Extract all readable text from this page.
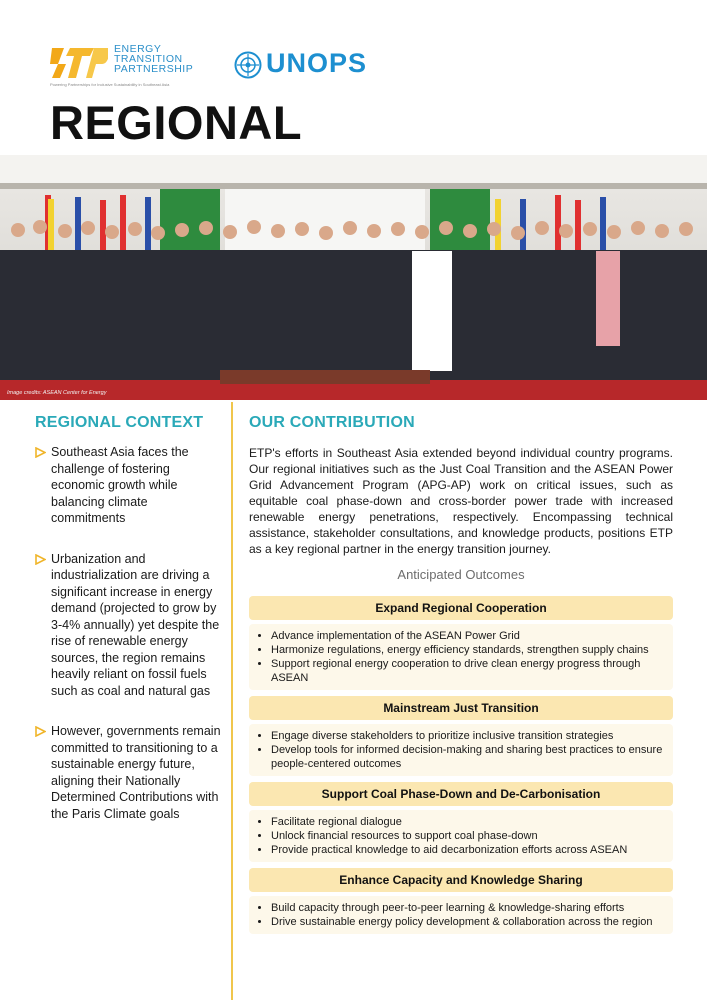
ENERGY
TRANSITION
PARTNERSHIP
Powering Partnerships for Inclusive Sustainability in Southeast Asia
UNOPS
REGIONAL
Image credits: ASEAN Center for Energy
REGIONAL CONTEXT
Southeast Asia faces the challenge of fostering economic growth while balancing climate commitments
Urbanization and industrialization are driving a significant increase in energy demand (projected to grow by 3-4% annually) yet despite the rise of renewable energy sources, the region remains heavily reliant on fossil fuels such as coal and natural gas
However, governments remain committed to transitioning to a sustainable energy future, aligning their Nationally Determined Contributions with the Paris Climate goals
OUR CONTRIBUTION

ETP's efforts in Southeast Asia extended beyond individual country programs. Our regional initiatives such as the Just Coal Transition and the ASEAN Power Grid Advancement Program (APG-AP) work on critical issues, such as equitable coal phase-down and cross-border power trade with increased renewable energy penetrations, respectively. Encompassing technical assistance, stakeholder consultations, and knowledge products, positions ETP as a key regional partner in the energy transition journey.

Anticipated Outcomes
Expand Regional Cooperation
• Advance implementation of the ASEAN Power Grid
• Harmonize regulations, energy efficiency standards, strengthen supply chains
• Support regional energy cooperation to drive clean energy progress through ASEAN
Mainstream Just Transition
• Engage diverse stakeholders to prioritize inclusive transition strategies
• Develop tools for informed decision-making and sharing best practices to ensure people-centered outcomes
Support Coal Phase-Down and De-Carbonisation
• Facilitate regional dialogue
• Unlock financial resources to support coal phase-down
• Provide practical knowledge to aid decarbonization efforts across ASEAN
Enhance Capacity and Knowledge Sharing
• Build capacity through peer-to-peer learning & knowledge-sharing efforts
• Drive sustainable energy policy development & collaboration across the region
